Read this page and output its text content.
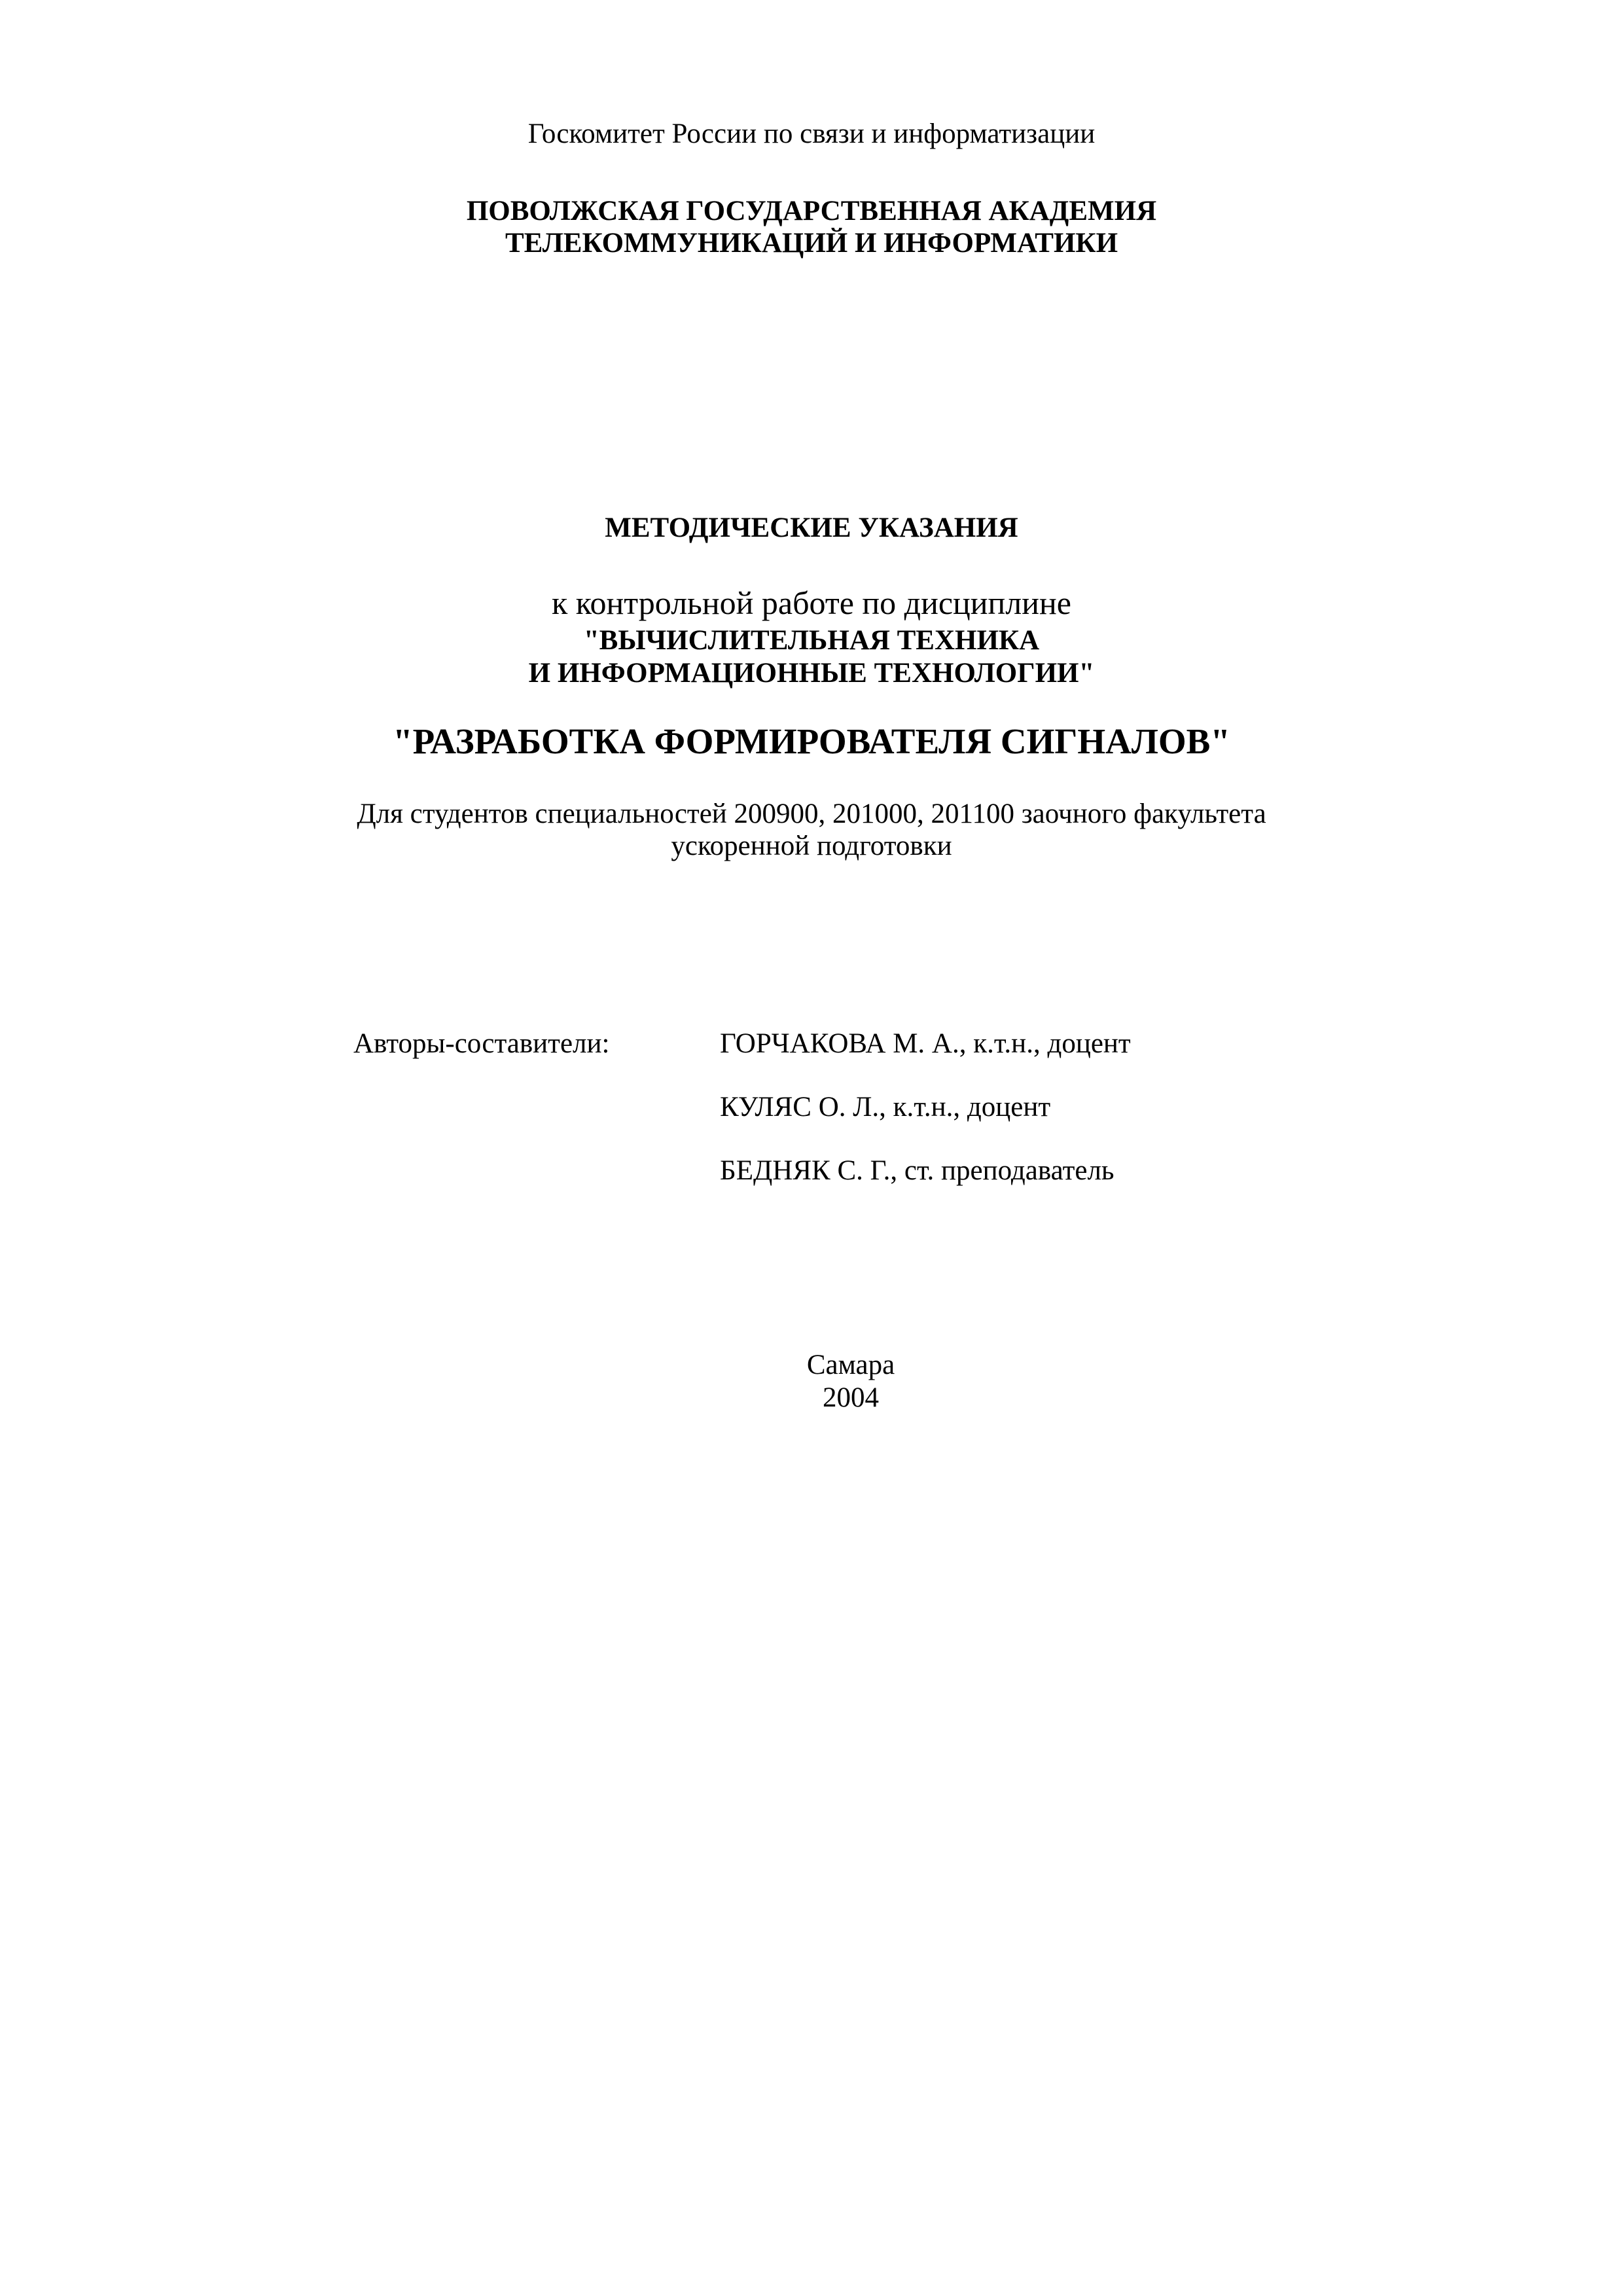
Госкомитет России по связи и информатизации
ПОВОЛЖСКАЯ ГОСУДАРСТВЕННАЯ АКАДЕМИЯ
ТЕЛЕКОММУНИКАЦИЙ И ИНФОРМАТИКИ
МЕТОДИЧЕСКИЕ УКАЗАНИЯ
к контрольной работе по дисциплине
"ВЫЧИСЛИТЕЛЬНАЯ ТЕХНИКА
И ИНФОРМАЦИОННЫЕ ТЕХНОЛОГИИ"
"РАЗРАБОТКА ФОРМИРОВАТЕЛЯ СИГНАЛОВ"
Для студентов специальностей 200900, 201000, 201100 заочного факультета
ускоренной подготовки
Авторы-составители:	ГОРЧАКОВА М. А., к.т.н., доцент
КУЛЯС О. Л., к.т.н., доцент
БЕДНЯК С. Г., ст. преподаватель
Самара
2004
